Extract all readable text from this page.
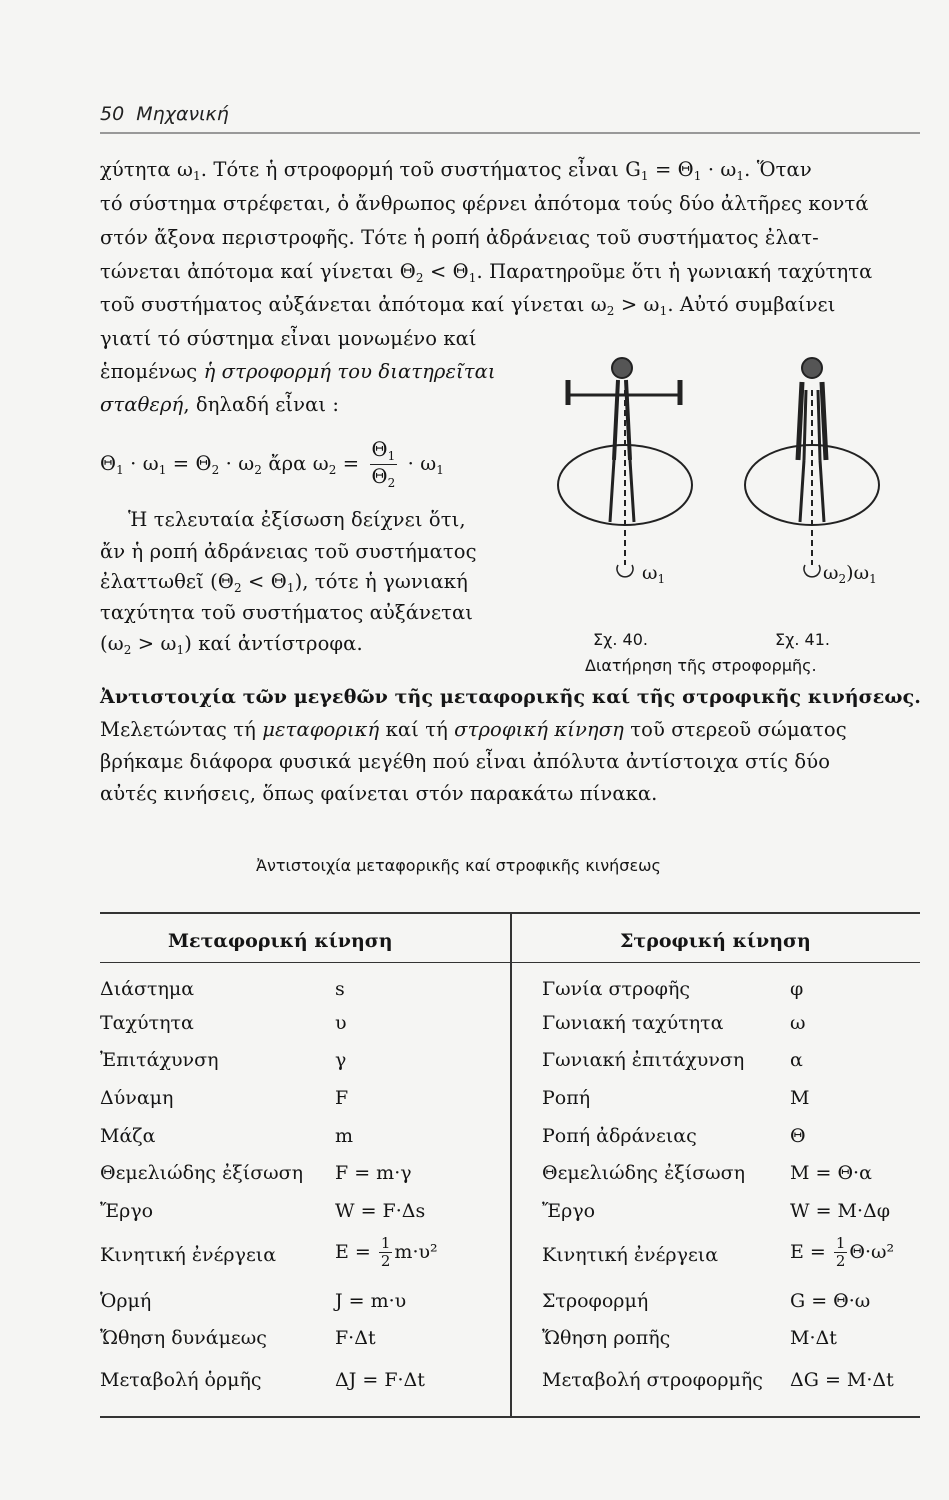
50 Μηχανική
χύτητα $\omega_1$. Τότε ἡ στροφορμή τοῦ συστήματος εἶναι $G_1 = \Theta_1 \cdot \omega_1$. Ὅταν
τό σύστημα στρέφεται, ὁ ἄνθρωπος φέρνει ἀπότομα τούς δύο ἀλτῆρες κοντά
στόν ἄξονα περιστροφῆς. Τότε ἡ ροπή ἀδράνειας τοῦ συστήματος ἐλατ-
τώνεται ἀπότομα καί γίνεται $\Theta_2 < \Theta_1$. Παρατηροῦμε ὅτι ἡ γωνιακή ταχύτητα
τοῦ συστήματος αὐξάνεται ἀπότομα καί γίνεται $\omega_2 > \omega_1$. Αὐτό συμβαίνει
γιατί τό σύστημα εἶναι μονωμένο καί
ἑπομένως ἡ στροφορμή του διατηρεῖται
σταθερή, δηλαδή εἶναι :
$\Theta_1 \cdot \omega_1 = \Theta_2 \cdot \omega_2$ ἄρα $\omega_2 = \frac{\Theta_1}{\Theta_2} \cdot \omega_1$
Ἡ τελευταία ἐξίσωση δείχνει ὅτι,
ἄν ἡ ροπή ἀδράνειας τοῦ συστήματος
ἐλαττωθεῖ $(\Theta_2 < \Theta_1)$, τότε ἡ γωνιακή
ταχύτητα τοῦ συστήματος αὐξάνεται
$(\omega_2 > \omega_1)$ καί ἀντίστροφα.
$\omega_1$	$\omega_2)\omega_1$
Σχ. 40.	Σχ. 41.
Διατήρηση τῆς στροφορμῆς.
Ἀντιστοιχία τῶν μεγεθῶν τῆς μεταφορικῆς καί τῆς στροφικῆς κινήσεως.
Μελετώντας τή μεταφορική καί τή στροφική κίνηση τοῦ στερεοῦ σώματος
βρήκαμε διάφορα φυσικά μεγέθη πού εἶναι ἀπόλυτα ἀντίστοιχα στίς δύο
αὐτές κινήσεις, ὅπως φαίνεται στόν παρακάτω πίνακα.
Ἀντιστοιχία μεταφορικῆς καί στροφικῆς κινήσεως
Μεταφορική κίνηση	Στροφική κίνηση
Διάστημα	s	Γωνία στροφῆς	φ
Ταχύτητα	υ	Γωνιακή ταχύτητα	ω
Ἐπιτάχυνση	γ	Γωνιακή ἐπιτάχυνση α
Δύναμη	F	Ροπή	M
Μάζα	m	Ροπή ἀδράνειας	Θ
Θεμελιώδης ἐξίσωση F = m·γ	Θεμελιώδης ἐξίσωση M = Θ·α
Ἔργο	W = F·Δs	Ἔργο	W = M·Δφ
Κινητική ἐνέργεια	$E = \frac{1}{2} m\cdot\upsilon^2$	Κινητική ἐνέργεια	$E = \frac{1}{2} \Theta\cdot\omega^2$
Ὁρμή	J = m·υ	Στροφορμή	G = Θ·ω
Ὤθηση δυνάμεως	F·Δt	Ὤθηση ροπῆς	M·Δt
Μεταβολή ὁρμῆς	ΔJ = F·Δt	Μεταβολή στροφορμῆς ΔG = M·Δt
